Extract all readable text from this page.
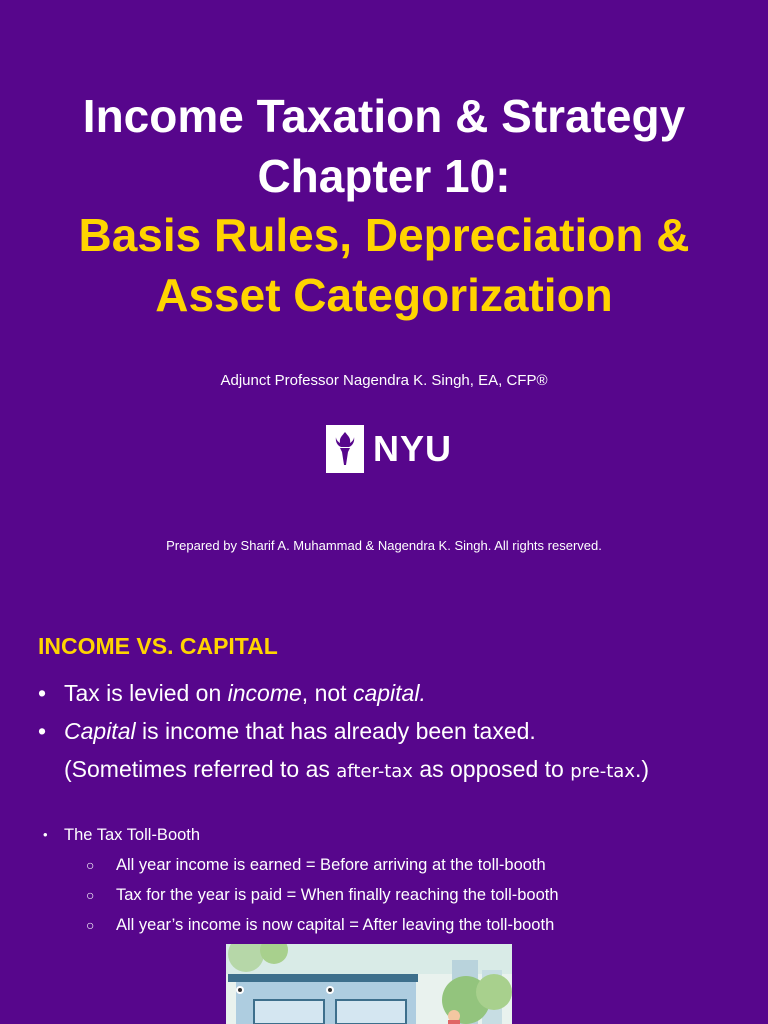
Income Taxation & Strategy
Chapter 10:
Basis Rules, Depreciation &
Asset Categorization
Adjunct Professor Nagendra K. Singh, EA, CFP®
NYU
Prepared by Sharif A. Muhammad & Nagendra K. Singh. All rights reserved.
INCOME VS. CAPITAL
• Tax is levied on income, not capital.
• Capital is income that has already been taxed.
(Sometimes referred to as after-tax as opposed to pre-tax.)
• The Tax Toll-Booth
○ All year income is earned = Before arriving at the toll-booth
○ Tax for the year is paid = When finally reaching the toll-booth
○ All year’s income is now capital = After leaving the toll-booth
